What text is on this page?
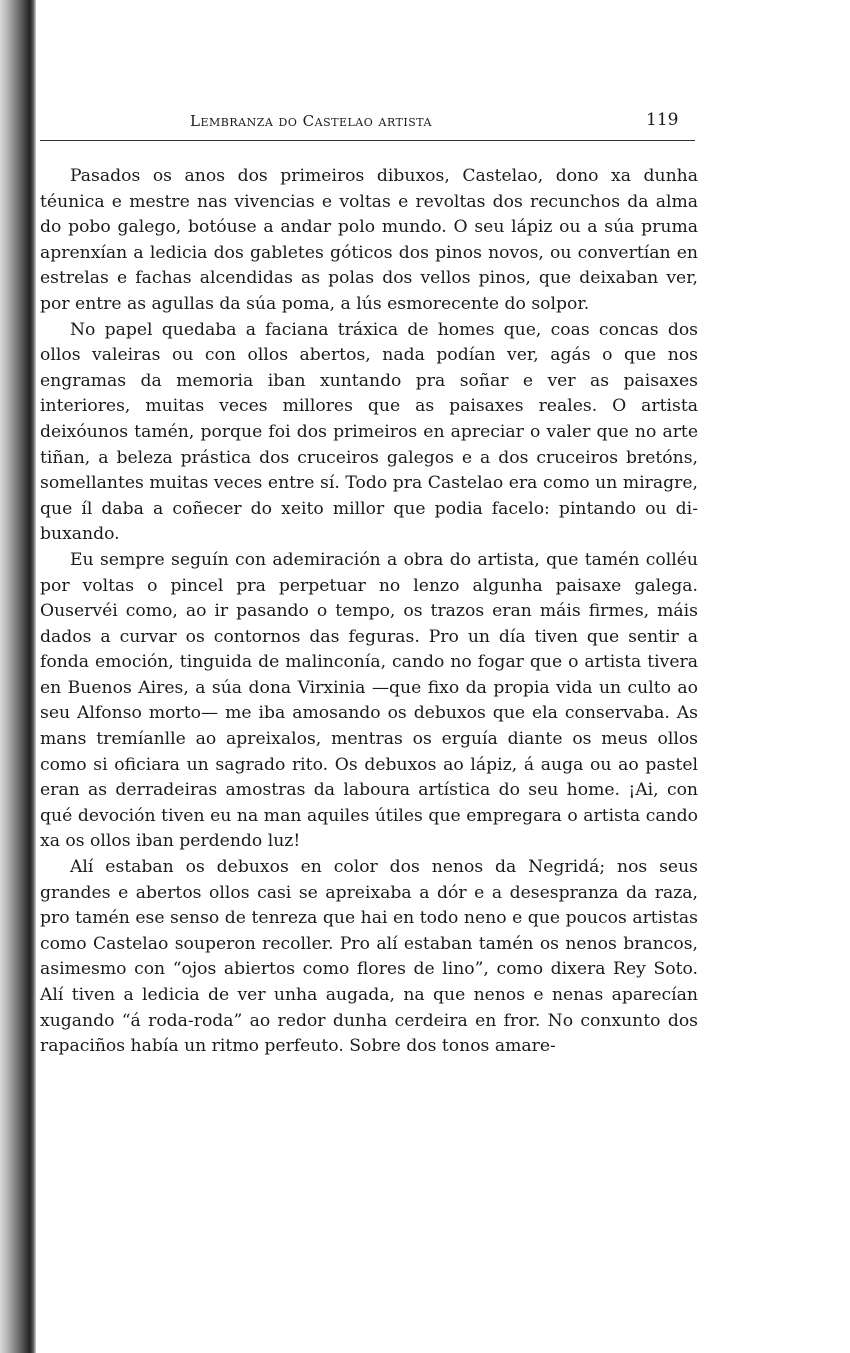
Lembranza do Castelao artista	119

Pasados os anos dos primeiros dibuxos, Castelao, dono xa dunha téunica e mestre nas vivencias e voltas e revoltas dos recunchos da alma do pobo galego, botóuse a andar polo mundo. O seu lápiz ou a súa pruma aprenxían a ledicia dos gabletes góticos dos pinos novos, ou convertían en estrelas e fachas alcendidas as polas dos vellos pinos, que deixaban ver, por entre as agullas da súa poma, a lús esmorecente do solpor.

No papel quedaba a faciana tráxica de homes que, coas concas dos ollos valeiras ou con ollos abertos, nada podían ver, agás o que nos engramas da memoria iban xuntando pra soñar e ver as paisaxes interiores, muitas veces millores que as paisaxes reales. O artista deixóunos tamén, porque foi dos primeiros en apreciar o valer que no arte tiñan, a beleza prástica dos cruceiros galegos e a dos cruceiros bretóns, somellantes muitas veces entre sí. Todo pra Castelao era como un miragre, que íl daba a coñecer do xeito millor que podia facelo: pintando ou dibuxando.

Eu sempre seguín con ademiración a obra do artista, que tamén colléu por voltas o pincel pra perpetuar no lenzo algunha paisaxe galega. Ouservéi como, ao ir pasando o tempo, os trazos eran máis firmes, máis dados a curvar os contornos das feguras. Pro un día tiven que sentir a fonda emoción, tinguida de malinconía, cando no fogar que o artista tivera en Buenos Aires, a súa dona Virxinia —que fixo da propia vida un culto ao seu Alfonso morto— me iba amosando os debuxos que ela conservaba. As mans tremíanlle ao apreixalos, mentras os erguía diante os meus ollos como si oficiara un sagrado rito. Os debuxos ao lápiz, á auga ou ao pastel eran as derradeiras amostras da laboura artística do seu home. ¡Ai, con qué devoción tiven eu na man aquiles útiles que empregara o artista cando xa os ollos iban perdendo luz!

Alí estaban os debuxos en color dos nenos da Negridá; nos seus grandes e abertos ollos casi se apreixaba a dór e a desespranza da raza, pro tamén ese senso de tenreza que hai en todo neno e que poucos artistas como Castelao souperon recoller. Pro alí estaban tamén os nenos brancos, asimesmo con “ojos abiertos como flores de lino”, como dixera Rey Soto. Alí tiven a ledicia de ver unha augada, na que nenos e nenas aparecían xugando “á roda-roda” ao redor dunha cerdeira en fror. No conxunto dos rapaciños había un ritmo perfeuto. Sobre dos tonos amare-
